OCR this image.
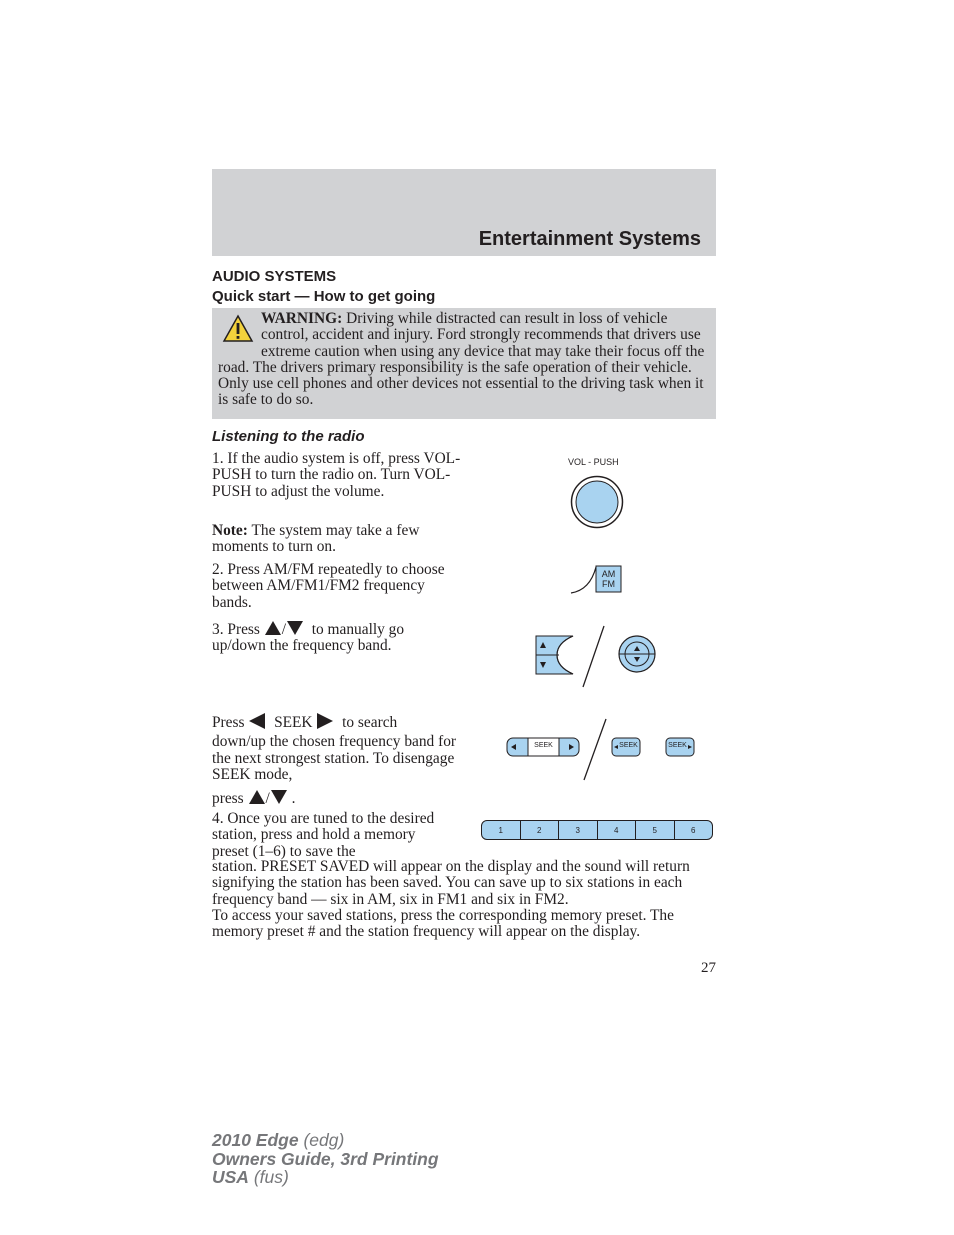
Entertainment Systems
AUDIO SYSTEMS
Quick start — How to get going
WARNING: Driving while distracted can result in loss of vehicle control, accident and injury. Ford strongly recommends that drivers use extreme caution when using any device that may take their focus off the road. The drivers primary responsibility is the safe operation of their vehicle. Only use cell phones and other devices not essential to the driving task when it is safe to do so.
Listening to the radio
1. If the audio system is off, press VOL-PUSH to turn the radio on. Turn VOL-PUSH to adjust the volume.
Note: The system may take a few moments to turn on.
2. Press AM/FM repeatedly to choose between AM/FM1/FM2 frequency bands.
3. Press / to manually go up/down the frequency band.
Press SEEK to search
down/up the chosen frequency band for the next strongest station. To disengage SEEK mode,
press / .
4. Once you are tuned to the desired station, press and hold a memory preset (1–6) to save the
station. PRESET SAVED will appear on the display and the sound will return signifying the station has been saved. You can save up to six stations in each frequency band — six in AM, six in FM1 and six in FM2.
To access your saved stations, press the corresponding memory preset. The memory preset # and the station frequency will appear on the display.
VOL - PUSH
AM
FM
SEEK	SEEK	SEEK
1	2	3	4	5	6
27
2010 Edge (edg)
Owners Guide, 3rd Printing
USA (fus)
